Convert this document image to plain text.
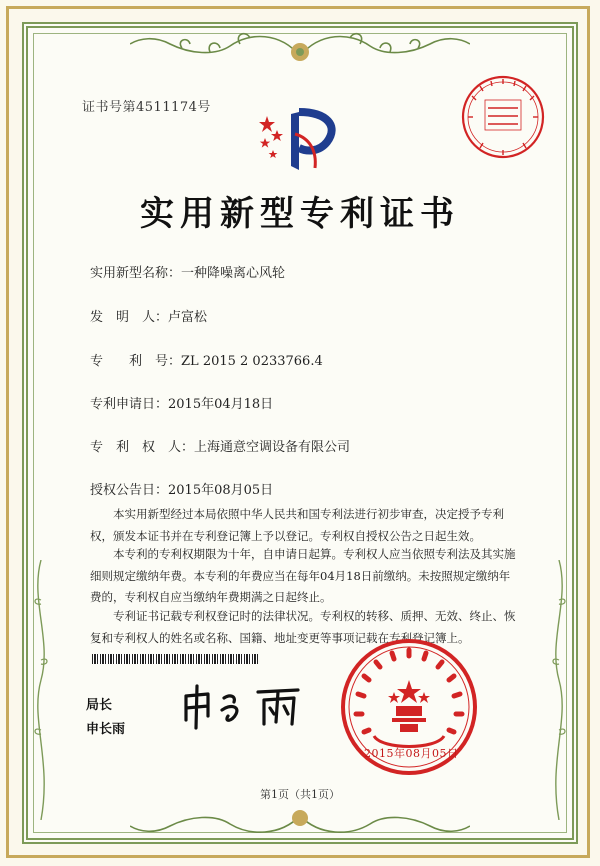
证书号第4511174号
实用新型专利证书
实用新型名称：一种降噪离心风轮
发　明　人：卢富松
专　　利　号：ZL 2015 2 0233766.4
专利申请日：2015年04月18日
专　利　权　人：上海通意空调设备有限公司
授权公告日：2015年08月05日

本实用新型经过本局依照中华人民共和国专利法进行初步审查，决定授予专利权，颁发本证书并在专利登记簿上予以登记。专利权自授权公告之日起生效。

本专利的专利权期限为十年，自申请日起算。专利权人应当依照专利法及其实施细则规定缴纳年费。本专利的年费应当在每年04月18日前缴纳。未按照规定缴纳年费的，专利权自应当缴纳年费期满之日起终止。

专利证书记载专利权登记时的法律状况。专利权的转移、质押、无效、终止、恢复和专利权人的姓名或名称、国籍、地址变更等事项记载在专利登记簿上。

局长
申长雨
2015年08月05日
第1页（共1页）
